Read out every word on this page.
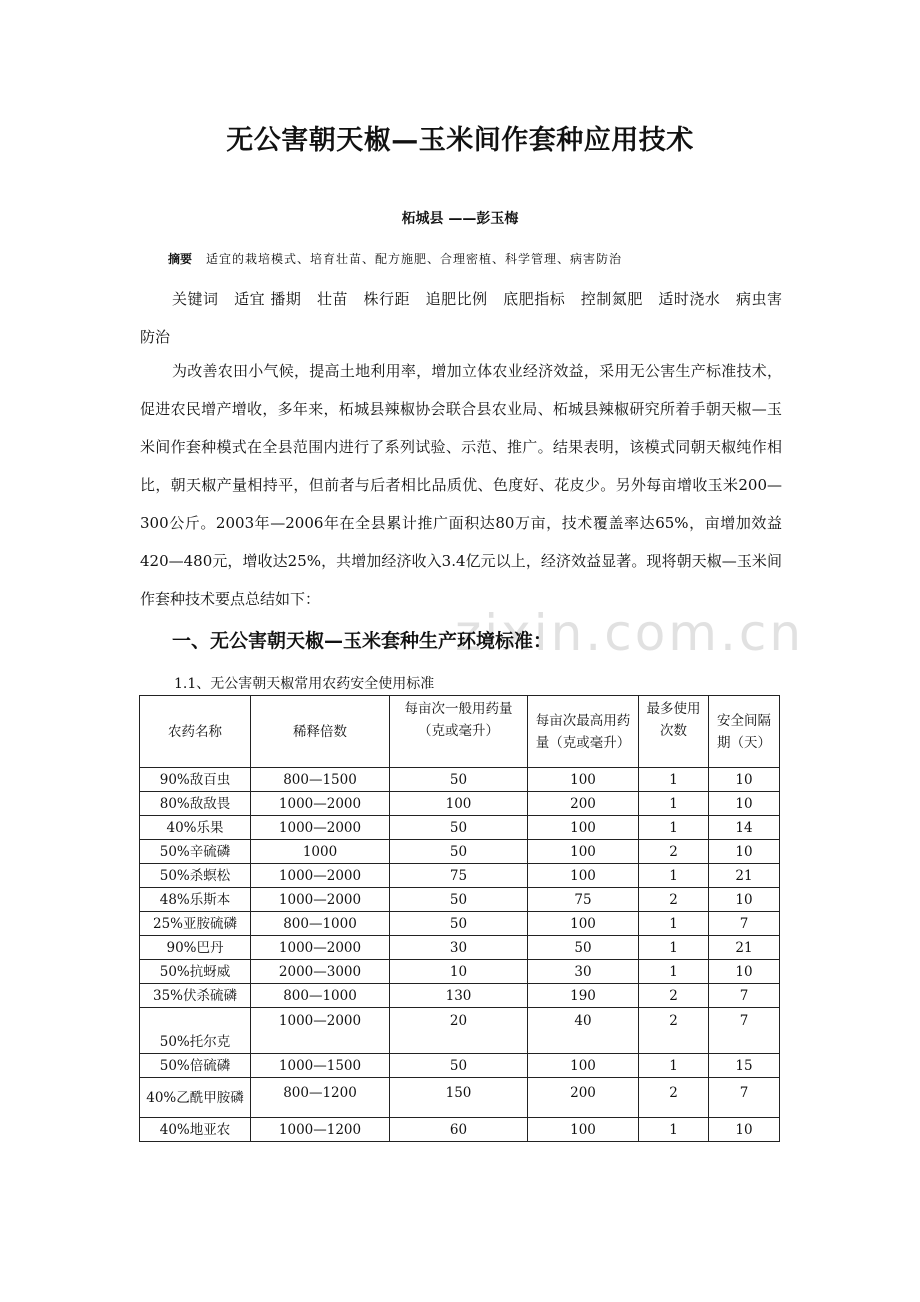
无公害朝天椒—玉米间作套种应用技术
柘城县 ——彭玉梅
摘要 适宜的栽培模式、培育壮苗、配方施肥、合理密植、科学管理、病害防治

关键词　适宜 播期　壮苗　株行距　追肥比例　底肥指标　控制氮肥　适时浇水　病虫害　防治

为改善农田小气候，提高土地利用率，增加立体农业经济效益，采用无公害生产标准技术，促进农民增产增收，多年来，柘城县辣椒协会联合县农业局、柘城县辣椒研究所着手朝天椒—玉米间作套种模式在全县范围内进行了系列试验、示范、推广。结果表明，该模式同朝天椒纯作相比，朝天椒产量相持平，但前者与后者相比品质优、色度好、花皮少。另外每亩增收玉米200—300公斤。2003年—2006年在全县累计推广面积达80万亩，技术覆盖率达65%，亩增加效益420—480元，增收达25%，共增加经济收入3.4亿元以上，经济效益显著。现将朝天椒—玉米间作套种技术要点总结如下：

zixin.com.cn
一、无公害朝天椒—玉米套种生产环境标准：
1.1、无公害朝天椒常用农药安全使用标准
农药名称	稀释倍数	每亩次一般用药量（克或毫升）	每亩次最高用药量（克或毫升）	最多使用次数	安全间隔期（天）
90%敌百虫	800—1500	50	100	1	10
80%敌敌畏	1000—2000	100	200	1	10
40%乐果	1000—2000	50	100	1	14
50%辛硫磷	1000	50	100	2	10
50%杀螟松	1000—2000	75	100	1	21
48%乐斯本	1000—2000	50	75	2	10
25%亚胺硫磷	800—1000	50	100	1	7
90%巴丹	1000—2000	30	50	1	21
50%抗蚜威	2000—3000	10	30	1	10
35%伏杀硫磷	800—1000	130	190	2	7
50%托尔克	1000—2000	20	40	2	7
50%倍硫磷	1000—1500	50	100	1	15
40%乙酰甲胺磷	800—1200	150	200	2	7
40%地亚农	1000—1200	60	100	1	10
